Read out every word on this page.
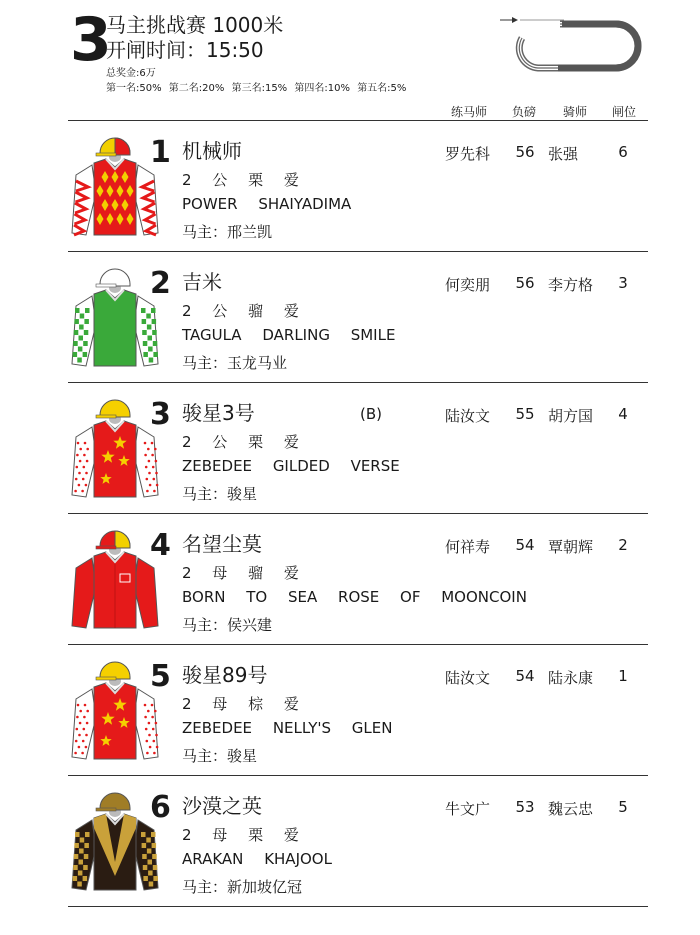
3
马主挑战赛 1000米
开闸时间：15:50
总奖金:6万
第一名:50% 第二名:20% 第三名:15% 第四名:10% 第五名:5%
练马师 负磅 骑师 闸位
1 机械师
2 公 栗 爱
POWER SHAIYADIMA
马主：邢兰凯
罗先科 56 张强	6
2 吉米
2 公 骝 爱
TAGULA DARLING SMILE
马主：玉龙马业
何奕朋 56 李方格	3
3 骏星3号	(B)
2 公 栗 爱
ZEBEDEE GILDED VERSE
马主：骏星
陆汝文 55 胡方国	4
4 名望尘莫
2 母 骝 爱
BORN TO SEA ROSE OF MOONCOIN
马主：侯兴建
何祥寿 54 覃朝辉	2
5 骏星89号
2 母 棕 爱
ZEBEDEE NELLY'S GLEN
马主：骏星
陆汝文 54 陆永康	1
6 沙漠之英
2 母 栗 爱
ARAKAN KHAJOOL
马主：新加坡亿冠
牛文广 53 魏云忠	5
